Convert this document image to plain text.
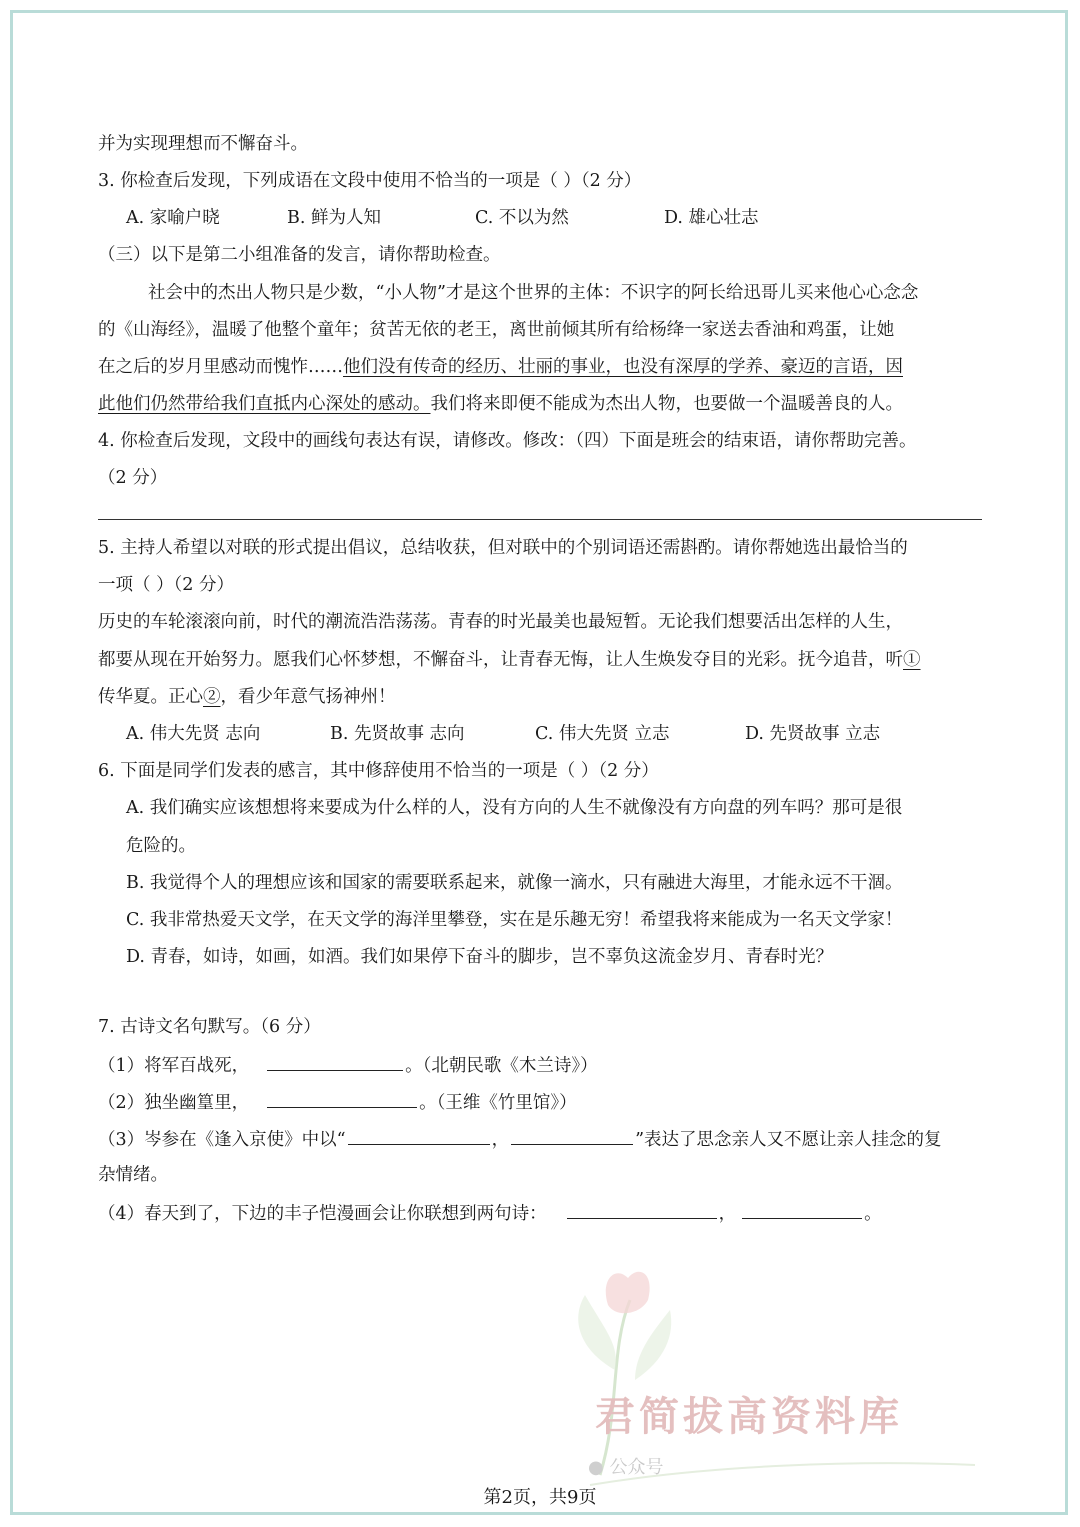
并为实现理想而不懈奋斗。
3. 你检查后发现，下列成语在文段中使用不恰当的一项是（ ）（2 分）
A. 家喻户晓	B. 鲜为人知	C. 不以为然	D. 雄心壮志
（三）以下是第二小组准备的发言，请你帮助检查。
社会中的杰出人物只是少数，“小人物”才是这个世界的主体：不识字的阿长给迅哥儿买来他心心念念
的《山海经》，温暖了他整个童年；贫苦无依的老王，离世前倾其所有给杨绛一家送去香油和鸡蛋，让她
在之后的岁月里感动而愧怍……他们没有传奇的经历、壮丽的事业，也没有深厚的学养、豪迈的言语，因
此他们仍然带给我们直抵内心深处的感动。我们将来即便不能成为杰出人物，也要做一个温暖善良的人。
4. 你检查后发现，文段中的画线句表达有误，请修改。修改：（四）下面是班会的结束语，请你帮助完善。
（2 分）
5. 主持人希望以对联的形式提出倡议，总结收获，但对联中的个别词语还需斟酌。请你帮她选出最恰当的
一项（ ）（2 分）
历史的车轮滚滚向前，时代的潮流浩浩荡荡。青春的时光最美也最短暂。无论我们想要活出怎样的人生，
都要从现在开始努力。愿我们心怀梦想，不懈奋斗，让青春无悔，让人生焕发夺目的光彩。抚今追昔，听①
传华夏。正心②，看少年意气扬神州！
A. 伟大先贤 志向	B. 先贤故事 志向	C. 伟大先贤 立志	D. 先贤故事 立志
6. 下面是同学们发表的感言，其中修辞使用不恰当的一项是（ ）（2 分）
A. 我们确实应该想想将来要成为什么样的人，没有方向的人生不就像没有方向盘的列车吗？那可是很
危险的。
B. 我觉得个人的理想应该和国家的需要联系起来，就像一滴水，只有融进大海里，才能永远不干涸。
C. 我非常热爱天文学，在天文学的海洋里攀登，实在是乐趣无穷！希望我将来能成为一名天文学家！
D. 青春，如诗，如画，如酒。我们如果停下奋斗的脚步，岂不辜负这流金岁月、青春时光？
7. 古诗文名句默写。（6 分）
（1）将军百战死，	。（北朝民歌《木兰诗》）
（2）独坐幽篁里，	。（王维《竹里馆》）
（3）岑参在《逢入京使》中以“	，	”表达了思念亲人又不愿让亲人挂念的复
杂情绪。
（4）春天到了，下边的丰子恺漫画会让你联想到两句诗：	，	。
君简拔高资料库
● 公众号
第2页，共9页
